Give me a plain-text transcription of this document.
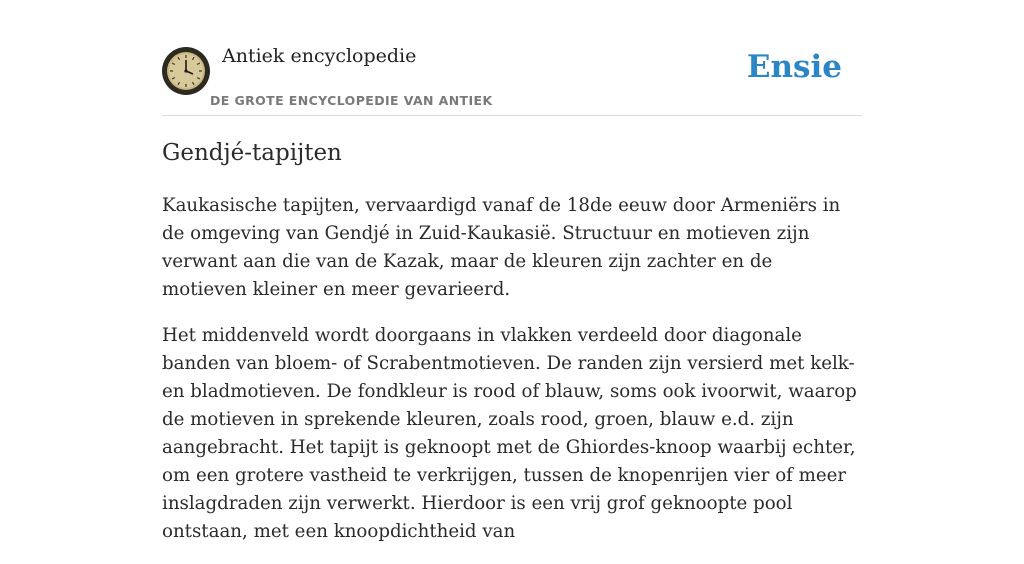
Antiek encyclopedie
DE GROTE ENCYCLOPEDIE VAN ANTIEK
Ensie
Gendjé-tapijten

Kaukasische tapijten, vervaardigd vanaf de 18de eeuw door Armeniërs in de omgeving van Gendjé in Zuid-Kaukasië. Structuur en motieven zijn verwant aan die van de Kazak, maar de kleuren zijn zachter en de motieven kleiner en meer gevarieerd.

Het middenveld wordt doorgaans in vlakken verdeeld door diagonale banden van bloem- of Scrabentmotieven. De randen zijn versierd met kelk- en bladmotieven. De fondkleur is rood of blauw, soms ook ivoorwit, waarop de motieven in sprekende kleuren, zoals rood, groen, blauw e.d. zijn aangebracht. Het tapijt is geknoopt met de Ghiordes-knoop waarbij echter, om een grotere vastheid te verkrijgen, tussen de knopenrijen vier of meer inslagdraden zijn verwerkt. Hierdoor is een vrij grof geknoopte pool ontstaan, met een knoopdichtheid van
